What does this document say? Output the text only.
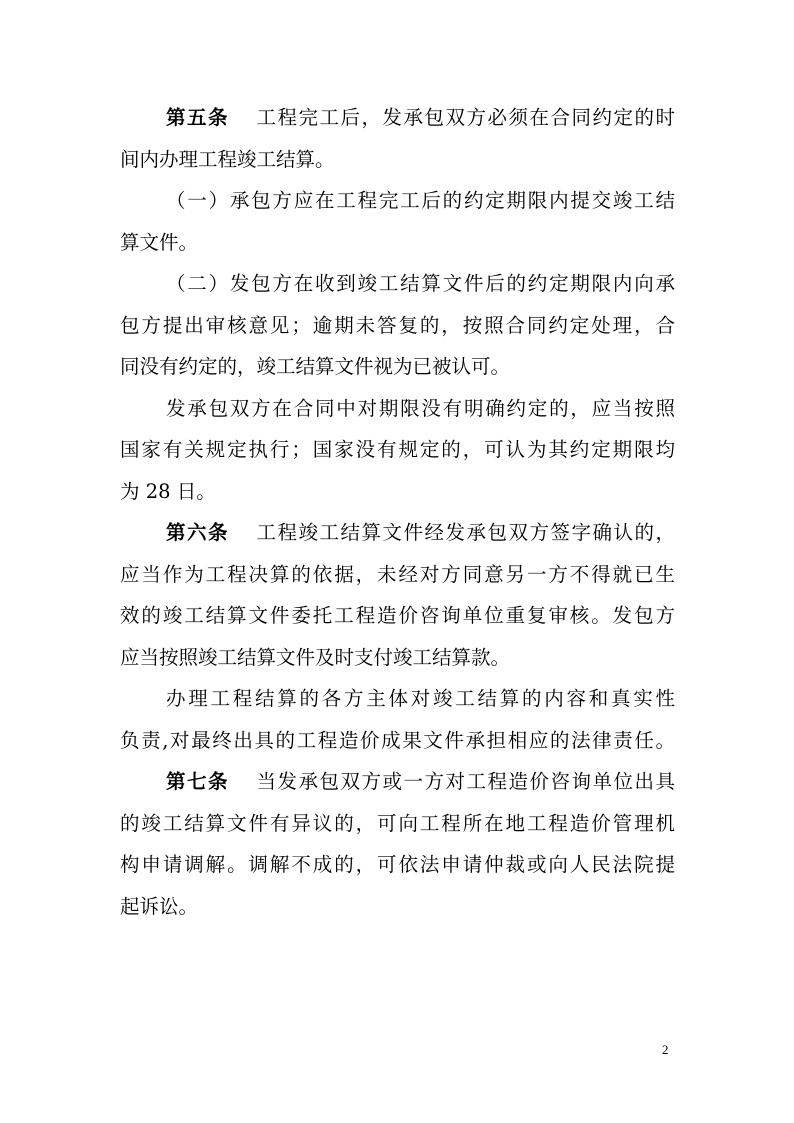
第五条 工程完工后，发承包双方必须在合同约定的时
间内办理工程竣工结算。
（一）承包方应在工程完工后的约定期限内提交竣工结
算文件。
（二）发包方在收到竣工结算文件后的约定期限内向承
包方提出审核意见；逾期未答复的，按照合同约定处理，合
同没有约定的，竣工结算文件视为已被认可。
发承包双方在合同中对期限没有明确约定的，应当按照
国家有关规定执行；国家没有规定的，可认为其约定期限均
为 28 日。
第六条 工程竣工结算文件经发承包双方签字确认的，
应当作为工程决算的依据，未经对方同意另一方不得就已生
效的竣工结算文件委托工程造价咨询单位重复审核。发包方
应当按照竣工结算文件及时支付竣工结算款。
办理工程结算的各方主体对竣工结算的内容和真实性
负责,对最终出具的工程造价成果文件承担相应的法律责任。
第七条 当发承包双方或一方对工程造价咨询单位出具
的竣工结算文件有异议的，可向工程所在地工程造价管理机
构申请调解。调解不成的，可依法申请仲裁或向人民法院提
起诉讼。
2
